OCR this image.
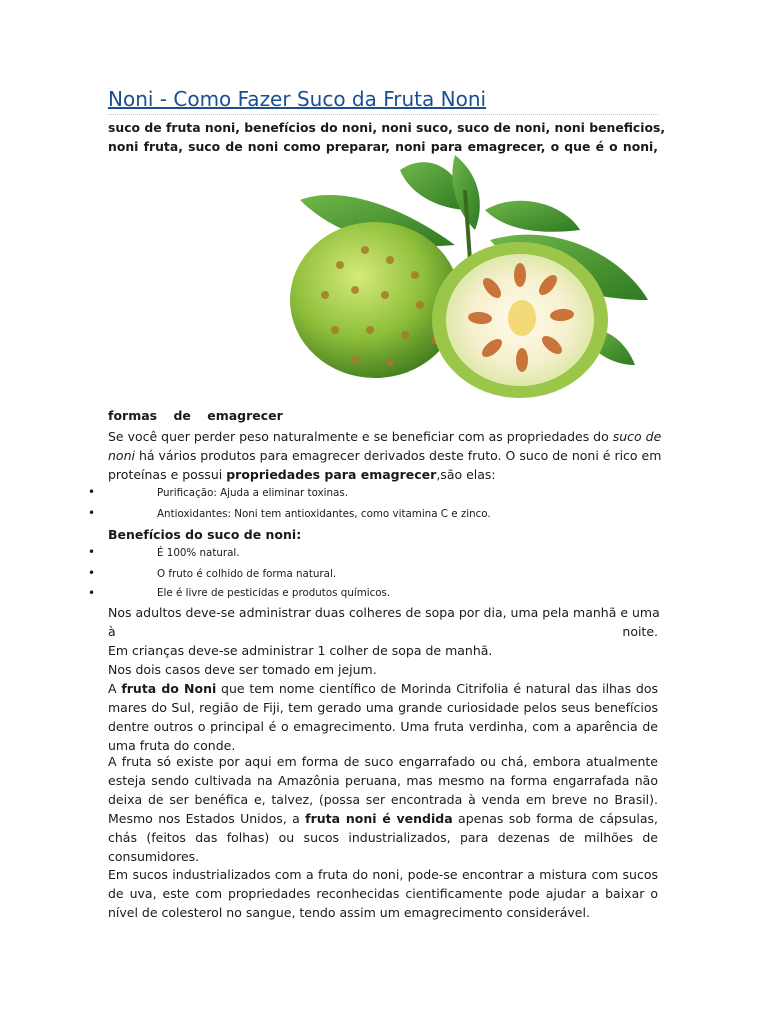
Noni - Como Fazer Suco da Fruta Noni
suco de fruta noni, benefícios do noni, noni suco, suco de noni, noni beneficios,
noni fruta, suco de noni como preparar, noni para emagrecer, o que é o noni,
formas de emagrecer
Se você quer perder peso naturalmente e se beneficiar com as propriedades do suco de
noni há vários produtos para emagrecer derivados deste fruto. O suco de noni é rico em
proteínas e possui propriedades para emagrecer,são elas:
•	Purificação: Ajuda a eliminar toxinas.
•	Antioxidantes: Noni tem antioxidantes, como vitamina C e zinco.
Benefícios do suco de noni:
•	É 100% natural.
•	O fruto é colhido de forma natural.
•	Ele é livre de pesticidas e produtos químicos.
Nos adultos deve-se administrar duas colheres de sopa por dia, uma pela manhã e uma
à	noite.
Em crianças deve-se administrar 1 colher de sopa de manhã.
Nos dois casos deve ser tomado em jejum.
A fruta do Noni que tem nome científico de Morinda Citrifolia é natural das ilhas dos mares do Sul, região de Fiji, tem gerado uma grande curiosidade pelos seus benefícios dentre outros o principal é o emagrecimento. Uma fruta verdinha, com a aparência de uma fruta do conde.
A fruta só existe por aqui em forma de suco engarrafado ou chá, embora atualmente esteja sendo cultivada na Amazônia peruana, mas mesmo na forma engarrafada não deixa de ser benéfica e, talvez, (possa ser encontrada à venda em breve no Brasil). Mesmo nos Estados Unidos, a fruta noni é vendida apenas sob forma de cápsulas, chás (feitos das folhas) ou sucos industrializados, para dezenas de milhões de consumidores.
Em sucos industrializados com a fruta do noni, pode-se encontrar a mistura com sucos de uva, este com propriedades reconhecidas cientificamente pode ajudar a baixar o nível de colesterol no sangue, tendo assim um emagrecimento considerável.
